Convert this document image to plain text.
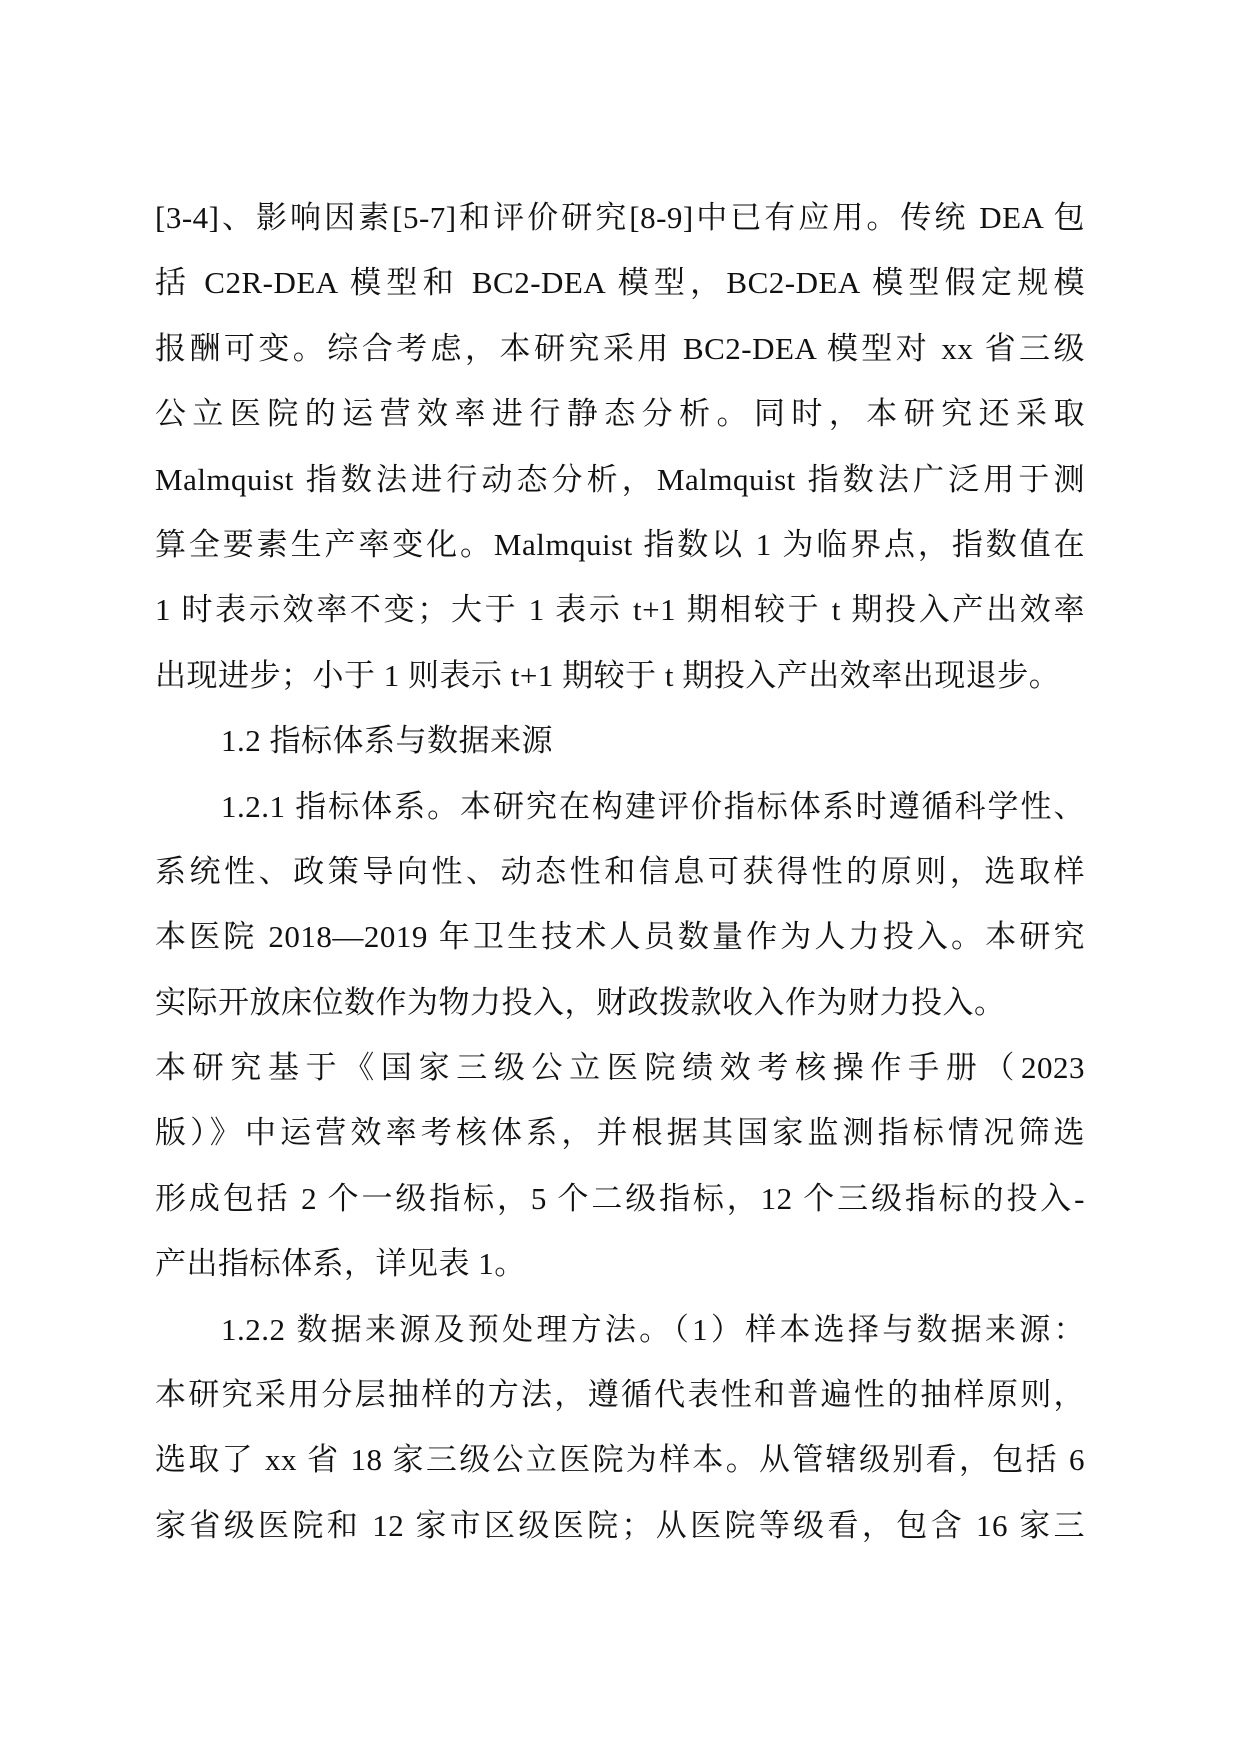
[3-4]、影响因素[5-7]和评价研究[8-9]中已有应用。传统 DEA 包
括 C2R-DEA 模型和 BC2-DEA 模型，BC2-DEA 模型假定规模
报酬可变。综合考虑，本研究采用 BC2-DEA 模型对 xx 省三级
公立医院的运营效率进行静态分析。同时，本研究还采取
Malmquist 指数法进行动态分析，Malmquist 指数法广泛用于测
算全要素生产率变化。Malmquist 指数以 1 为临界点，指数值在
1 时表示效率不变；大于 1 表示 t+1 期相较于 t 期投入产出效率
出现进步；小于 1 则表示 t+1 期较于 t 期投入产出效率出现退步。
1.2 指标体系与数据来源
1.2.1 指标体系。本研究在构建评价指标体系时遵循科学性、
系统性、政策导向性、动态性和信息可获得性的原则，选取样
本医院 2018—2019 年卫生技术人员数量作为人力投入。本研究
实际开放床位数作为物力投入，财政拨款收入作为财力投入。
本研究基于《国家三级公立医院绩效考核操作手册（2023
版）》中运营效率考核体系，并根据其国家监测指标情况筛选
形成包括 2 个一级指标，5 个二级指标，12 个三级指标的投入-
产出指标体系，详见表 1。
1.2.2 数据来源及预处理方法。（1）样本选择与数据来源：
本研究采用分层抽样的方法，遵循代表性和普遍性的抽样原则，
选取了 xx 省 18 家三级公立医院为样本。从管辖级别看，包括 6
家省级医院和 12 家市区级医院；从医院等级看，包含 16 家三
